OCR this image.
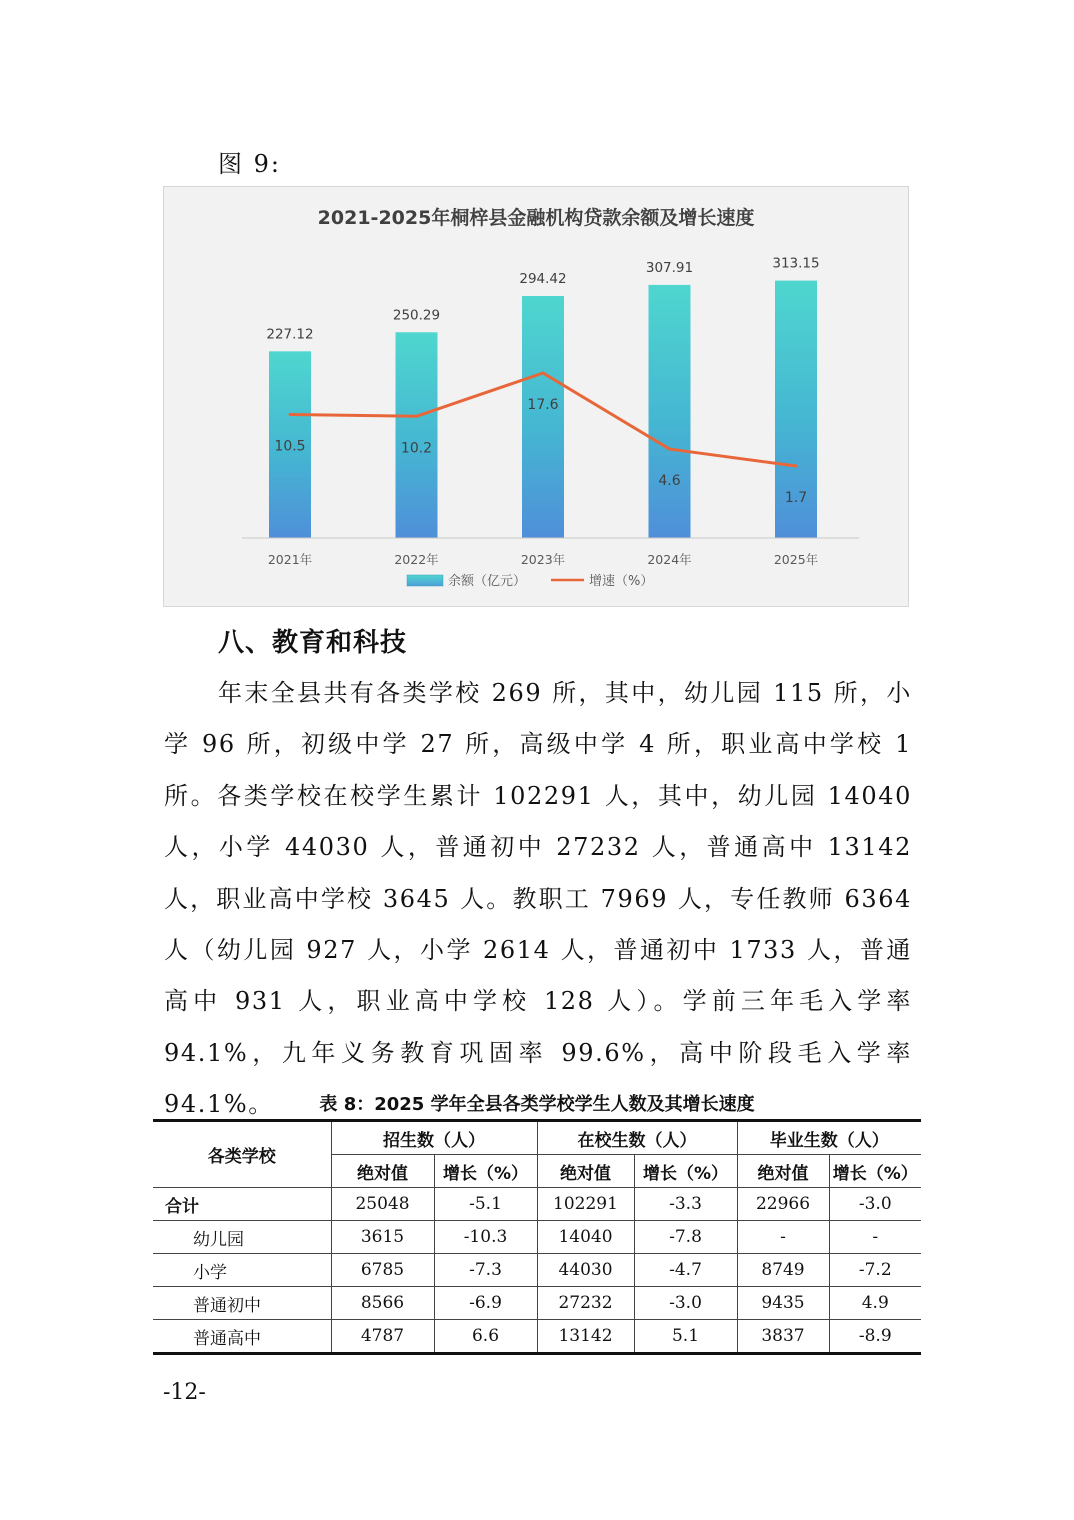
图 9:
2021-2025年桐梓县金融机构贷款余额及增长速度
227.12
2021年
250.29
2022年
294.42
2023年
307.91
2024年
313.15
2025年
10.5	10.2
17.6
4.6
1.7
余额（亿元）	增速（%）
八、教育和科技

年末全县共有各类学校 269 所，其中，幼儿园 115 所，小学 96 所，初级中学 27 所，高级中学 4 所，职业高中学校 1 所。各类学校在校学生累计 102291 人，其中，幼儿园 14040 人，小学 44030 人，普通初中 27232 人，普通高中 13142 人，职业高中学校 3645 人。教职工 7969 人，专任教师 6364 人（幼儿园 927 人，小学 2614 人，普通初中 1733 人，普通高中 931 人，职业高中学校 128 人）。学前三年毛入学率 94.1%，九年义务教育巩固率 99.6%，高中阶段毛入学率 94.1%。	表 8：2025 学年全县各类学校学生人数及其增长速度
各类学校	招生数（人）		在校生数（人）		毕业生数（人）	
	绝对值	增长（%）	绝对值	增长（%）	绝对值	增长（%）
合计	25048	-5.1	102291	-3.3	22966	-3.0
幼儿园	3615	-10.3	14040	-7.8	-	-
小学	6785	-7.3	44030	-4.7	8749	-7.2
普通初中	8566	-6.9	27232	-3.0	9435	4.9
普通高中	4787	6.6	13142	5.1	3837	-8.9
-12-
